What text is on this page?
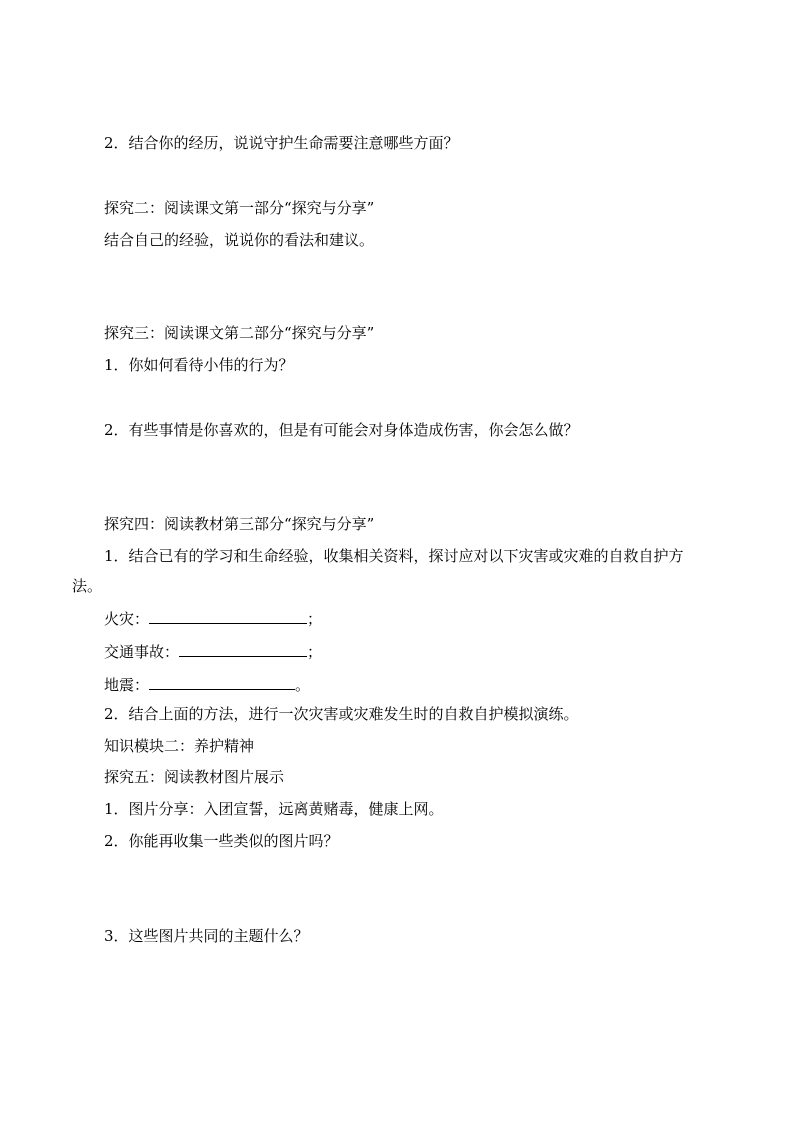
2．结合你的经历，说说守护生命需要注意哪些方面？
探究二：阅读课文第一部分“探究与分享”
结合自己的经验，说说你的看法和建议。
探究三：阅读课文第二部分“探究与分享”
1．你如何看待小伟的行为？
2．有些事情是你喜欢的，但是有可能会对身体造成伤害，你会怎么做？
探究四：阅读教材第三部分“探究与分享”
1．结合已有的学习和生命经验，收集相关资料，探讨应对以下灾害或灾难的自救自护方
法。
火灾：	；
交通事故：	；
地震：	。
2．结合上面的方法，进行一次灾害或灾难发生时的自救自护模拟演练。
知识模块二：养护精神
探究五：阅读教材图片展示
1．图片分享：入团宣誓，远离黄赌毒，健康上网。
2．你能再收集一些类似的图片吗？
3．这些图片共同的主题什么？
